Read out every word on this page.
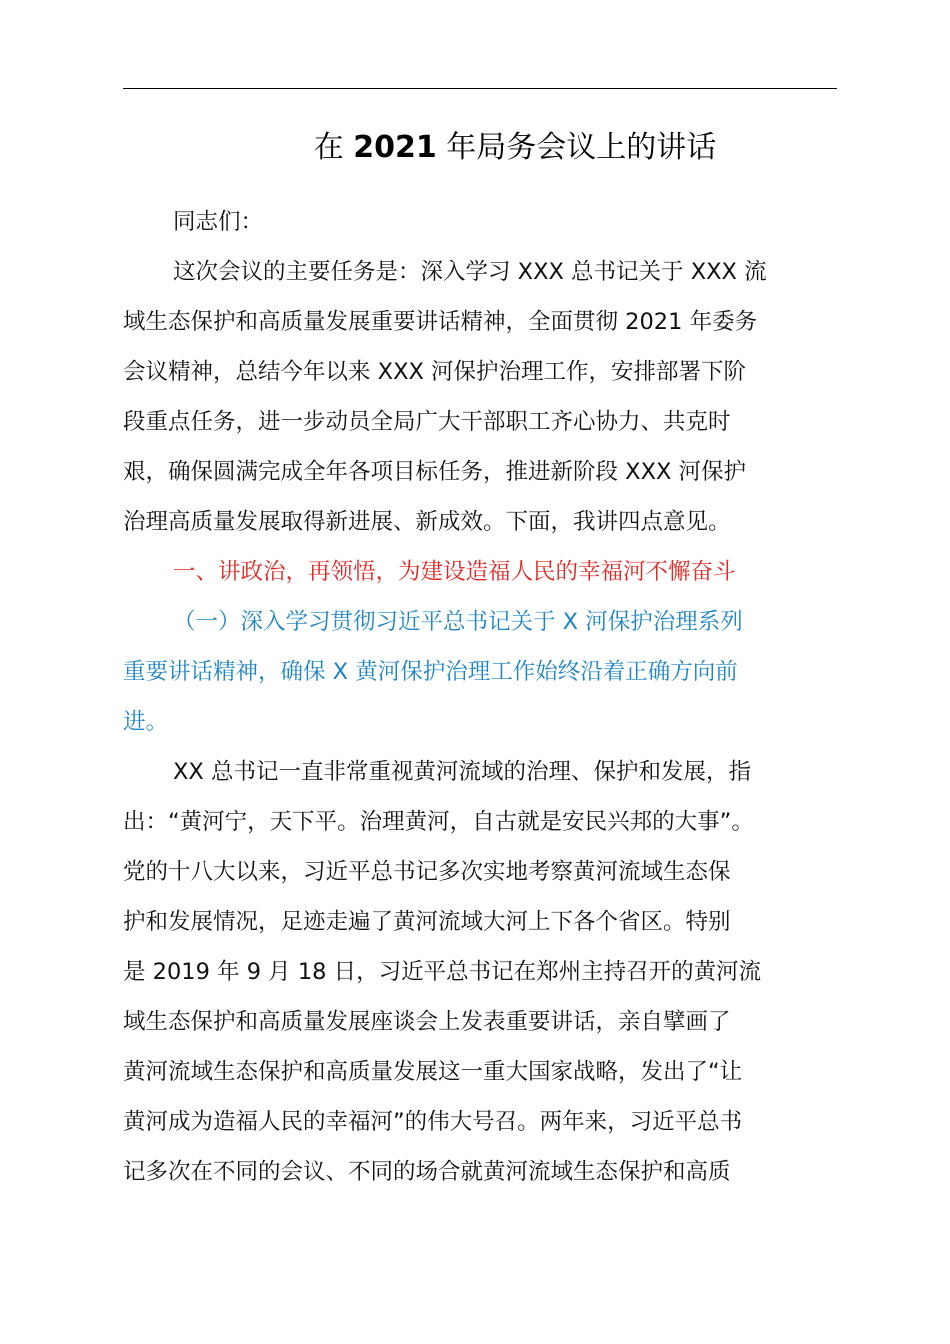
在 2021 年局务会议上的讲话
同志们：
这次会议的主要任务是：深入学习 XXX 总书记关于 XXX 流
域生态保护和高质量发展重要讲话精神，全面贯彻 2021 年委务
会议精神，总结今年以来 XXX 河保护治理工作，安排部署下阶
段重点任务，进一步动员全局广大干部职工齐心协力、共克时
艰，确保圆满完成全年各项目标任务，推进新阶段 XXX 河保护
治理高质量发展取得新进展、新成效。下面，我讲四点意见。
一、讲政治，再领悟，为建设造福人民的幸福河不懈奋斗
（一）深入学习贯彻习近平总书记关于 X 河保护治理系列
重要讲话精神，确保 X 黄河保护治理工作始终沿着正确方向前
进。
XX 总书记一直非常重视黄河流域的治理、保护和发展，指
出：“黄河宁，天下平。治理黄河，自古就是安民兴邦的大事”。
党的十八大以来，习近平总书记多次实地考察黄河流域生态保
护和发展情况，足迹走遍了黄河流域大河上下各个省区。特别
是 2019 年 9 月 18 日，习近平总书记在郑州主持召开的黄河流
域生态保护和高质量发展座谈会上发表重要讲话，亲自擘画了
黄河流域生态保护和高质量发展这一重大国家战略，发出了“让
黄河成为造福人民的幸福河”的伟大号召。两年来，习近平总书
记多次在不同的会议、不同的场合就黄河流域生态保护和高质
